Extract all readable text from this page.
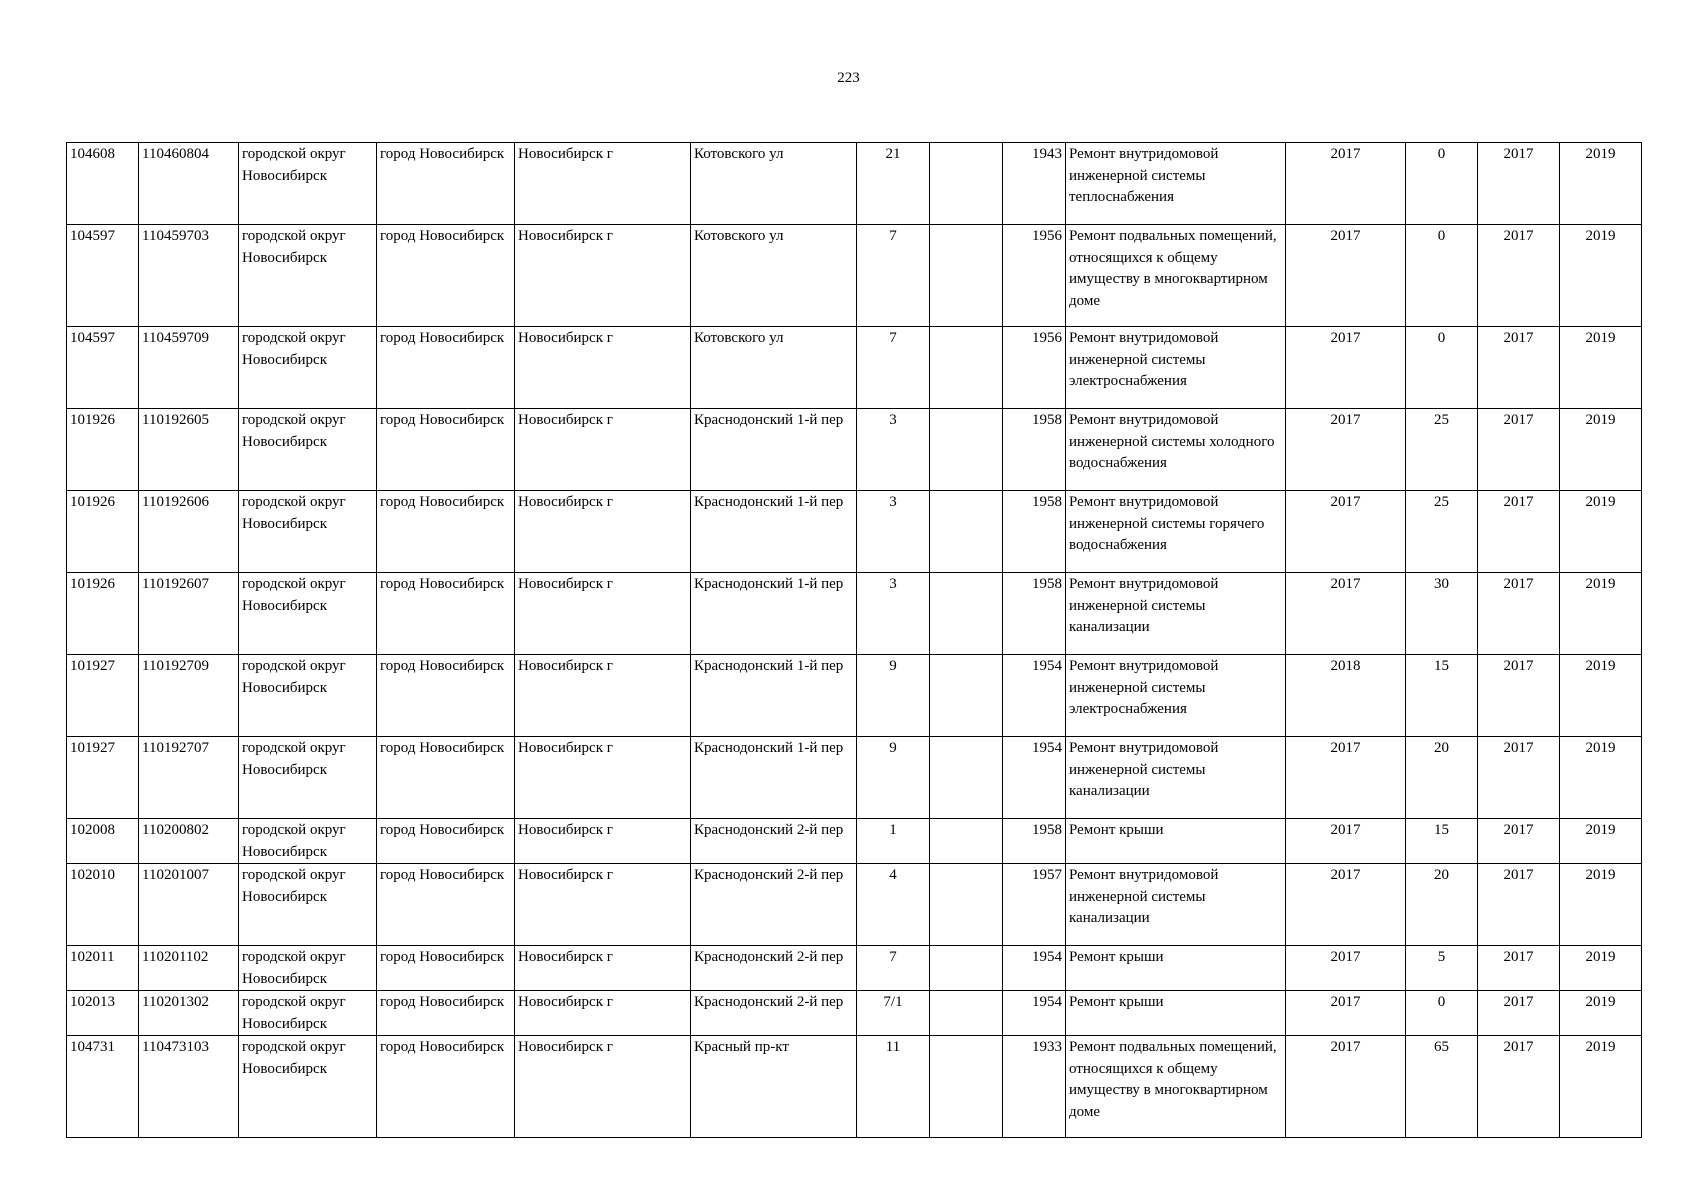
223
104608	110460804	городской округ Новосибирск	город Новосибирск	Новосибирск г	Котовского ул	21		1943	Ремонт внутридомовой инженерной системы теплоснабжения	2017	0	2017	2019
104597	110459703	городской округ Новосибирск	город Новосибирск	Новосибирск г	Котовского ул	7		1956	Ремонт подвальных помещений, относящихся к общему имуществу в многоквартирном доме	2017	0	2017	2019
104597	110459709	городской округ Новосибирск	город Новосибирск	Новосибирск г	Котовского ул	7		1956	Ремонт внутридомовой инженерной системы электроснабжения	2017	0	2017	2019
101926	110192605	городской округ Новосибирск	город Новосибирск	Новосибирск г	Краснодонский 1-й пер	3		1958	Ремонт внутридомовой инженерной системы холодного водоснабжения	2017	25	2017	2019
101926	110192606	городской округ Новосибирск	город Новосибирск	Новосибирск г	Краснодонский 1-й пер	3		1958	Ремонт внутридомовой инженерной системы горячего водоснабжения	2017	25	2017	2019
101926	110192607	городской округ Новосибирск	город Новосибирск	Новосибирск г	Краснодонский 1-й пер	3		1958	Ремонт внутридомовой инженерной системы канализации	2017	30	2017	2019
101927	110192709	городской округ Новосибирск	город Новосибирск	Новосибирск г	Краснодонский 1-й пер	9		1954	Ремонт внутридомовой инженерной системы электроснабжения	2018	15	2017	2019
101927	110192707	городской округ Новосибирск	город Новосибирск	Новосибирск г	Краснодонский 1-й пер	9		1954	Ремонт внутридомовой инженерной системы канализации	2017	20	2017	2019
102008	110200802	городской округ Новосибирск	город Новосибирск	Новосибирск г	Краснодонский 2-й пер	1		1958	Ремонт крыши	2017	15	2017	2019
102010	110201007	городской округ Новосибирск	город Новосибирск	Новосибирск г	Краснодонский 2-й пер	4		1957	Ремонт внутридомовой инженерной системы канализации	2017	20	2017	2019
102011	110201102	городской округ Новосибирск	город Новосибирск	Новосибирск г	Краснодонский 2-й пер	7		1954	Ремонт крыши	2017	5	2017	2019
102013	110201302	городской округ Новосибирск	город Новосибирск	Новосибирск г	Краснодонский 2-й пер	7/1		1954	Ремонт крыши	2017	0	2017	2019
104731	110473103	городской округ Новосибирск	город Новосибирск	Новосибирск г	Красный пр-кт	11		1933	Ремонт подвальных помещений, относящихся к общему имуществу в многоквартирном доме	2017	65	2017	2019
